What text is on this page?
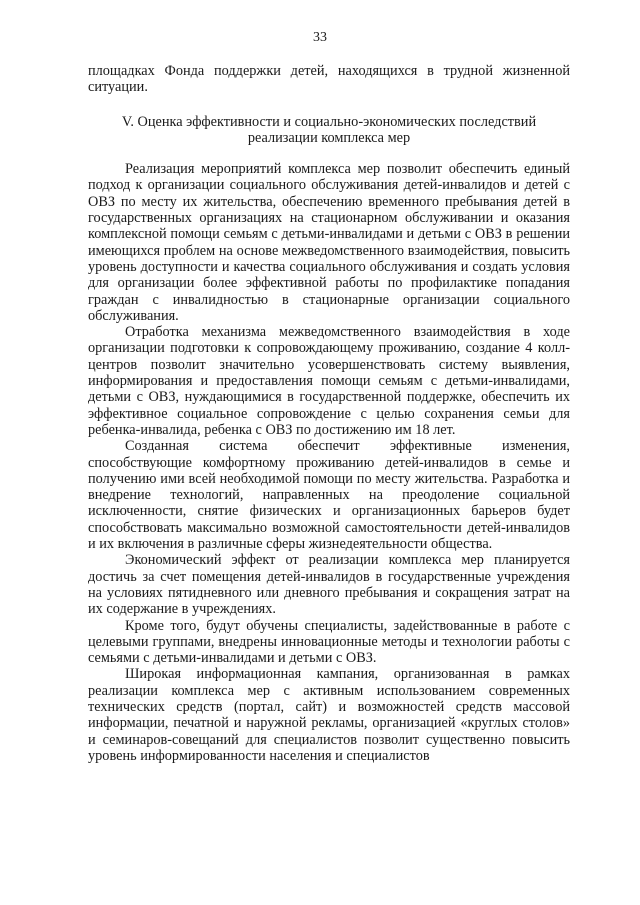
33

площадках Фонда поддержки детей, находящихся в трудной жизненной ситуации.

V. Оценка эффективности и социально-экономических последствий реализации комплекса мер

Реализация мероприятий комплекса мер позволит обеспечить единый подход к организации социального обслуживания детей-инвалидов и детей с ОВЗ по месту их жительства, обеспечению временного пребывания детей в государственных организациях на стационарном обслуживании и оказания комплексной помощи семьям с детьми-инвалидами и детьми с ОВЗ в решении имеющихся проблем на основе межведомственного взаимодействия, повысить уровень доступности и качества социального обслуживания и создать условия для организации более эффективной работы по профилактике попадания граждан с инвалидностью в стационарные организации социального обслуживания.

Отработка механизма межведомственного взаимодействия в ходе организации подготовки к сопровождающему проживанию, создание 4 колл-центров позволит значительно усовершенствовать систему выявления, информирования и предоставления помощи семьям с детьми-инвалидами, детьми с ОВЗ, нуждающимися в государственной поддержке, обеспечить их эффективное социальное сопровождение с целью сохранения семьи для ребенка-инвалида, ребенка с ОВЗ по достижению им 18 лет.

Созданная система обеспечит эффективные изменения, способствующие комфортному проживанию детей-инвалидов в семье и получению ими всей необходимой помощи по месту жительства. Разработка и внедрение технологий, направленных на преодоление социальной исключенности, снятие физических и организационных барьеров будет способствовать максимально возможной самостоятельности детей-инвалидов и их включения в различные сферы жизнедеятельности общества.

Экономический эффект от реализации комплекса мер планируется достичь за счет помещения детей-инвалидов в государственные учреждения на условиях пятидневного или дневного пребывания и сокращения затрат на их содержание в учреждениях.

Кроме того, будут обучены специалисты, задействованные в работе с целевыми группами, внедрены инновационные методы и технологии работы с семьями с детьми-инвалидами и детьми с ОВЗ.

Широкая информационная кампания, организованная в рамках реализации комплекса мер с активным использованием современных технических средств (портал, сайт) и возможностей средств массовой информации, печатной и наружной рекламы, организацией «круглых столов» и семинаров-совещаний для специалистов позволит существенно повысить уровень информированности населения и специалистов
